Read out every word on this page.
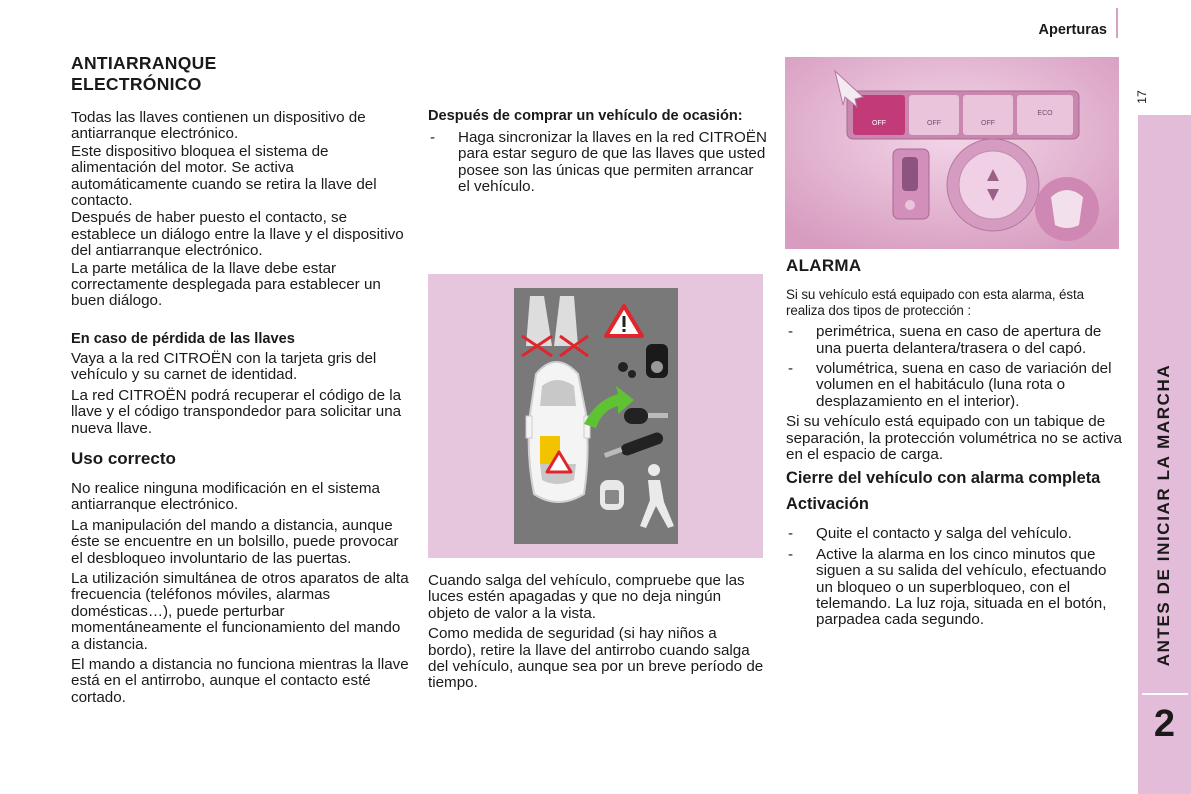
Aperturas
17
ANTES DE INICIAR LA MARCHA
2
ANTIARRANQUE
ELECTRÓNICO

Todas las llaves contienen un dispositivo de antiarranque electrónico.

Este dispositivo bloquea el sistema de alimentación del motor. Se activa automáticamente cuando se retira la llave del contacto.

Después de haber puesto el contacto, se establece un diálogo entre la llave y el dispositivo del antiarranque electrónico.

La parte metálica de la llave debe estar correctamente desplegada para establecer un buen diálogo.

En caso de pérdida de las llaves

Vaya a la red CITROËN con la tarjeta gris del vehículo y su carnet de identidad.

La red CITROËN podrá recuperar el código de la llave y el código transpondedor para solicitar una nueva llave.

Uso correcto

No realice ninguna modificación en el sistema antiarranque electrónico.

La manipulación del mando a distancia, aunque éste se encuentre en un bolsillo, puede provocar el desbloqueo involuntario de las puertas.

La utilización simultánea de otros aparatos de alta frecuencia (teléfonos móviles, alarmas domésticas…), puede perturbar momentáneamente el funcionamiento del mando a distancia.

El mando a distancia no funciona mientras la llave está en el antirrobo, aunque el contacto esté cortado.

Después de comprar un vehículo de ocasión:
- Haga sincronizar la llaves en la red CITROËN para estar seguro de que las llaves que usted posee son las únicas que permiten arrancar el vehículo.

Cuando salga del vehículo, compruebe que las luces estén apagadas y que no deja ningún objeto de valor a la vista.

Como medida de seguridad (si hay niños a bordo), retire la llave del antirrobo cuando salga del vehículo, aunque sea por un breve período de tiempo.

OFF	OFF	OFF
ECO
ALARMA

Si su vehículo está equipado con esta alarma, ésta realiza dos tipos de protección :

- perimétrica, suena en caso de apertura de una puerta delantera/trasera o del capó.
- volumétrica, suena en caso de variación del volumen en el habitáculo (luna rota o desplazamiento en el interior).

Si su vehículo está equipado con un tabique de separación, la protección volumétrica no se activa en el espacio de carga.

Cierre del vehículo con alarma completa
Activación
- Quite el contacto y salga del vehículo.
- Active la alarma en los cinco minutos que siguen a su salida del vehículo, efectuando un bloqueo o un superbloqueo, con el telemando. La luz roja, situada en el botón, parpadea cada segundo.
